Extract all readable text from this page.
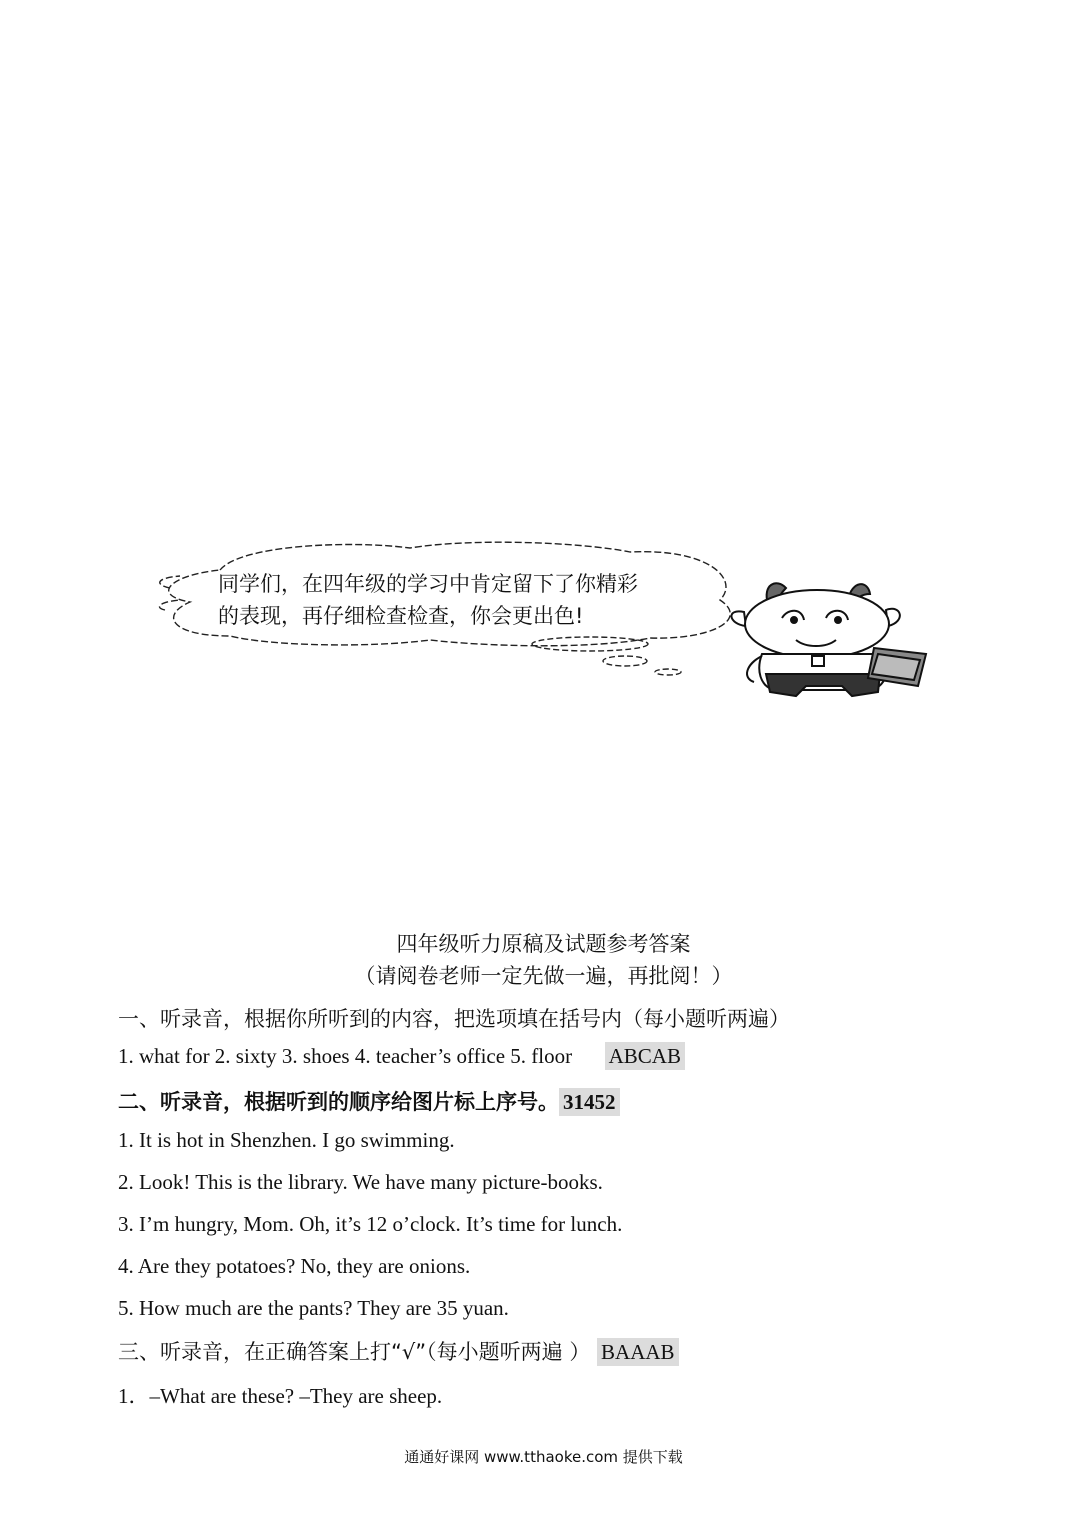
同学们，在四年级的学习中肯定留下了你精彩
的表现，再仔细检查检查，你会更出色!
四年级听力原稿及试题参考答案
（请阅卷老师一定先做一遍，再批阅！）
一、听录音，根据你所听到的内容，把选项填在括号内（每小题听两遍）
1. what for 2. sixty 3. shoes 4. teacher’s office 5. floor ABCAB
二、听录音，根据听到的顺序给图片标上序号。 31452
1. It is hot in Shenzhen. I go swimming.
2. Look! This is the library. We have many picture-books.
3. I’m hungry, Mom. Oh, it’s 12 o’clock. It’s time for lunch.
4. Are they potatoes? No, they are onions.
5. How much are the pants? They are 35 yuan.
三、听录音，在正确答案上打“√”（每小题听两遍 ） BAAAB
1．–What are these? –They are sheep.
通通好课网 www.tthaoke.com 提供下载
